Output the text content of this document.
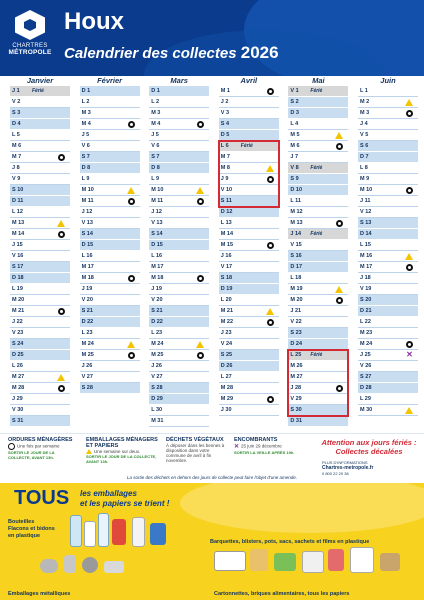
CHARTRES
MÉTROPOLE
Houx
Calendrier des collectes 2026
Janvier
J 1	Férié
V 2
S 3
D 4
L 5
M 6
M 7
J 8
V 9
S 10
D 11
L 12
M 13
M 14
J 15
V 16
S 17
D 18
L 19
M 20
M 21
J 22
V 23
S 24
D 25
L 26
M 27
M 28
J 29
V 30
S 31
Février
D 1
L 2
M 3
M 4
J 5
V 6
S 7
D 8
L 9
M 10
M 11
J 12
V 13
S 14
D 15
L 16
M 17
M 18
J 19
V 20
S 21
D 22
L 23
M 24
M 25
J 26
V 27
S 28
Mars
D 1
L 2
M 3
M 4
J 5
V 6
S 7
D 8
L 9
M 10
M 11
J 12
V 13
S 14
D 15
L 16
M 17
M 18
J 19
V 20
S 21
D 22
L 23
M 24
M 25
J 26
V 27
S 28
D 29
L 30
M 31
Avril
M 1
J 2
V 3
S 4
D 5
L 6	Férié
M 7
M 8
J 9
V 10
S 11
D 12
L 13
M 14
M 15
J 16
V 17
S 18
D 19
L 20
M 21
M 22
J 23
V 24
S 25
D 26
L 27
M 28
M 29
J 30
Mai
V 1	Férié
S 2
D 3
L 4
M 5
M 6
J 7
V 8	Férié
S 9
D 10
L 11
M 12
M 13
J 14	Férié
V 15
S 16
D 17
L 18
M 19
M 20
J 21
V 22
S 23
D 24
L 25	Férié
M 26
M 27
J 28
V 29
S 30
D 31
Juin
L 1
M 2
M 3
J 4
V 5
S 6
D 7
L 8
M 9
M 10
J 11
V 12
S 13
D 14
L 15
M 16
M 17
J 18
V 19
S 20
D 21
L 22
M 23
M 24
J 25	✕
V 26
S 27
D 28
L 29
M 30
ORDURES MÉNAGÈRES
Une fois par semaine
SORTIR LE JOUR DE LA COLLECTE, AVANT 13h.
EMBALLAGES MÉNAGERS ET PAPIERS
Une semaine sur deux.
SORTIR LE JOUR DE LA COLLECTE, AVANT 13h.
DÉCHETS VÉGÉTAUX
À déposer dans les bennes à disposition dans votre commune de avril à fin novembre.
ENCOMBRANTS
✕ 25 juin 29 décembre
SORTIR LA VEILLE APRÈS 19h.
Attention aux jours fériés : Collectes décalées
PLUS D'INFORMATIONS
Chartres-metropole.fr
0 800 22 20 36
La sortie des déchets en dehors des jours de collecte peut faire l'objet d'une amende.
TOUS les emballages
et les papiers se trient !
Bouteilles
Flacons et bidons
en plastique
Barquettes, blisters, pots, sacs, sachets et films en plastique
Emballages métalliques	Cartonnettes, briques alimentaires, tous les papiers
